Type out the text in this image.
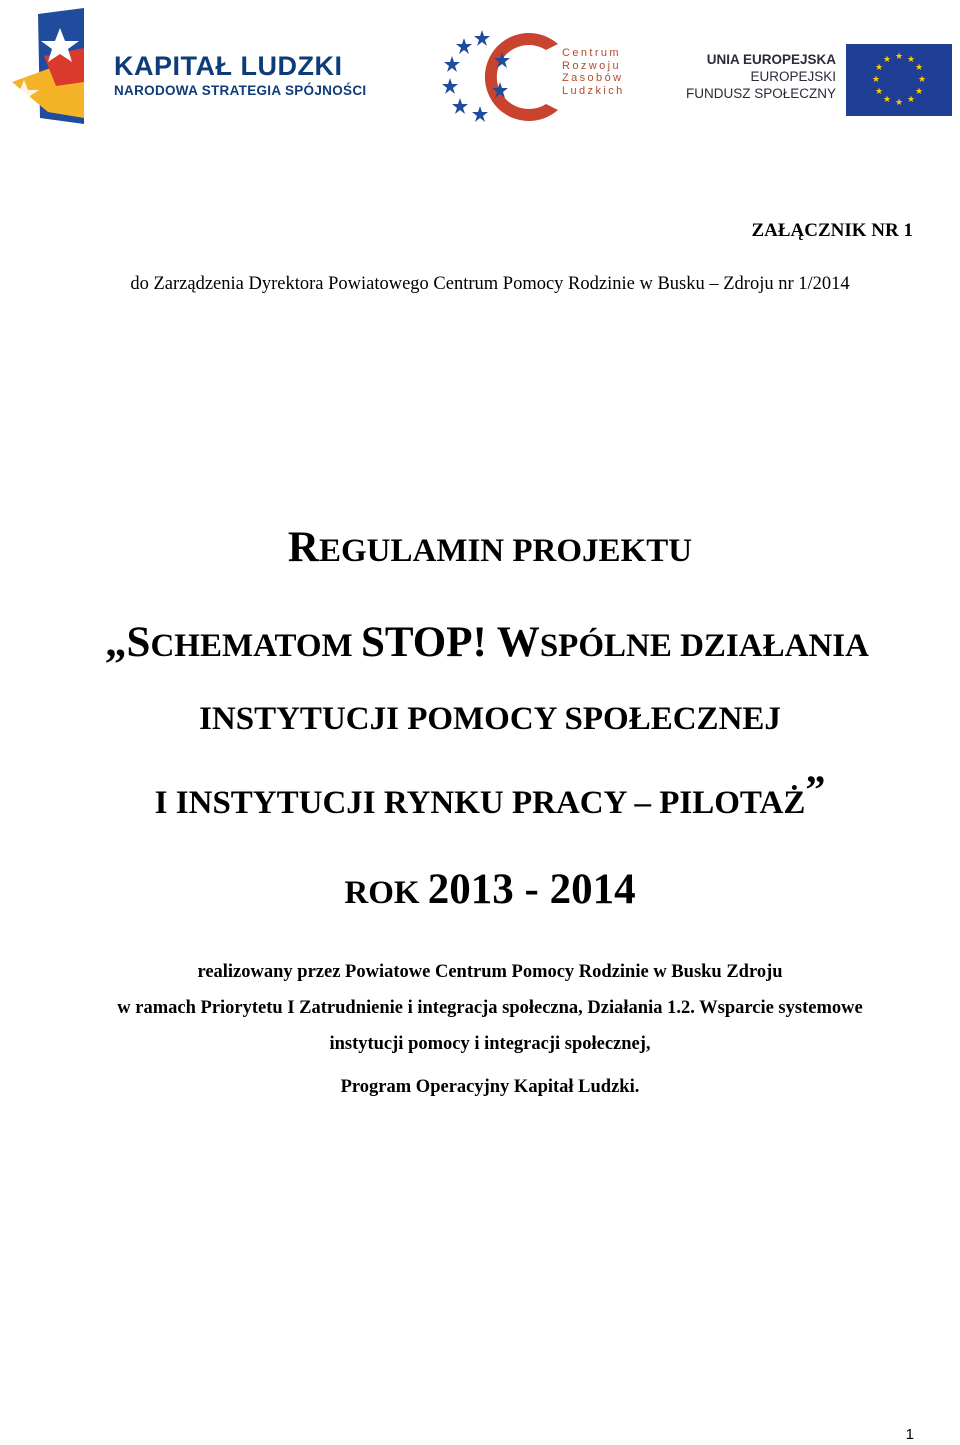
KAPITAŁ LUDZKI
NARODOWA STRATEGIA SPÓJNOŚCI
Centrum
Rozwoju
Zasobów
Ludzkich
UNIA EUROPEJSKA
EUROPEJSKI
FUNDUSZ SPOŁECZNY
★ ★
★
★
★
★
★
★
★
★
★
★
ZAŁĄCZNIK NR 1
do Zarządzenia Dyrektora Powiatowego Centrum Pomocy Rodzinie w Busku – Zdroju nr 1/2014
REGULAMIN PROJEKTU
„SCHEMATOM STOP! WSPÓLNE DZIAŁANIA
INSTYTUCJI POMOCY SPOŁECZNEJ
I INSTYTUCJI RYNKU PRACY – PILOTAŻ”
ROK 2013 - 2014
realizowany przez Powiatowe Centrum Pomocy Rodzinie w Busku Zdroju
w ramach Priorytetu I Zatrudnienie i integracja społeczna, Działania 1.2. Wsparcie systemowe
instytucji pomocy i integracji społecznej,
Program Operacyjny Kapitał Ludzki.
1
